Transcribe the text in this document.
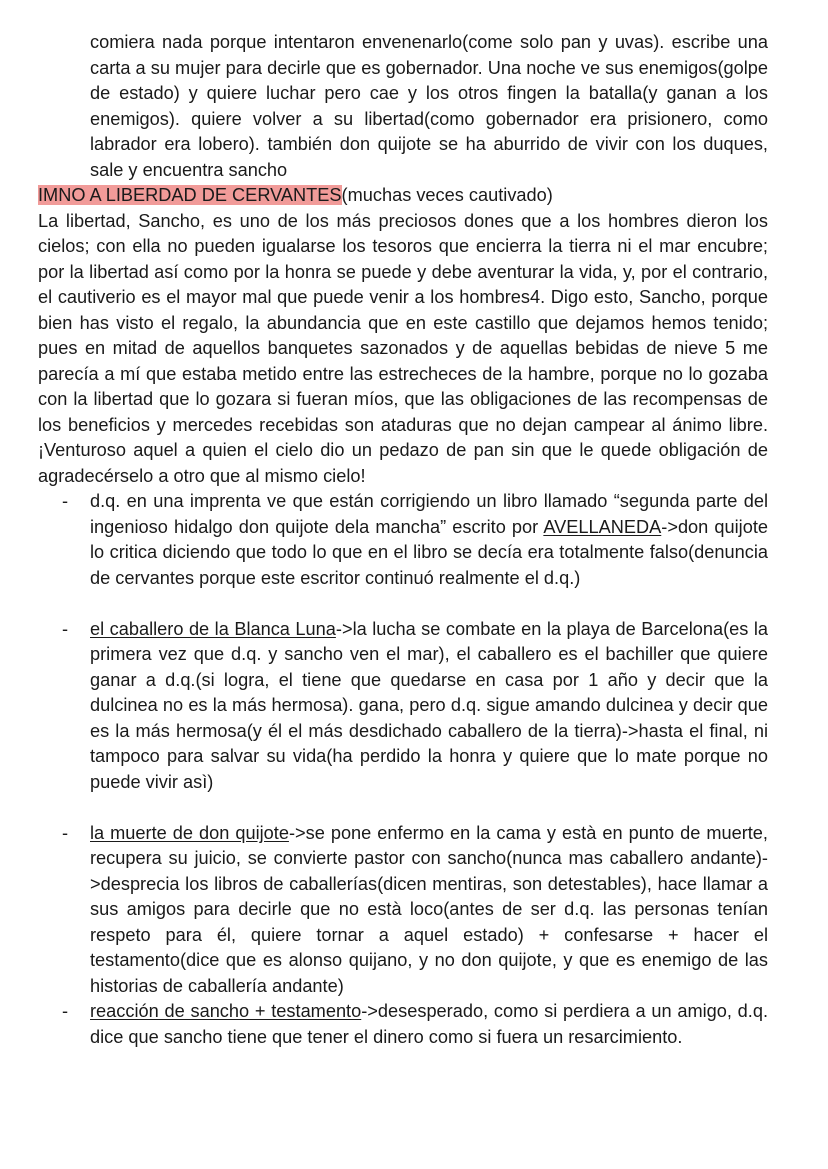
comiera nada porque intentaron envenenarlo(come solo pan y uvas). escribe una carta a su mujer para decirle que es gobernador. Una noche ve sus enemigos(golpe de estado) y quiere luchar pero cae y los otros fingen la batalla(y ganan a los enemigos). quiere volver a su libertad(como gobernador era prisionero, como labrador era lobero). también don quijote se ha aburrido de vivir con los duques, sale y encuentra sancho

IMNO A LIBERDAD DE CERVANTES(muchas veces cautivado)

La libertad, Sancho, es uno de los más preciosos dones que a los hombres dieron los cielos; con ella no pueden igualarse los tesoros que encierra la tierra ni el mar encubre; por la libertad así como por la honra se puede y debe aventurar la vida, y, por el contrario, el cautiverio es el mayor mal que puede venir a los hombres4. Digo esto, Sancho, porque bien has visto el regalo, la abundancia que en este castillo que dejamos hemos tenido; pues en mitad de aquellos banquetes sazonados y de aquellas bebidas de nieve 5 me parecía a mí que estaba metido entre las estrecheces de la hambre, porque no lo gozaba con la libertad que lo gozara si fueran míos, que las obligaciones de las recompensas de los beneficios y mercedes recebidas son ataduras que no dejan campear al ánimo libre. ¡Venturoso aquel a quien el cielo dio un pedazo de pan sin que le quede obligación de agradecérselo a otro que al mismo cielo!

- d.q. en una imprenta ve que están corrigiendo un libro llamado “segunda parte del ingenioso hidalgo don quijote dela mancha” escrito por AVELLANEDA->don quijote lo critica diciendo que todo lo que en el libro se decía era totalmente falso(denuncia de cervantes porque este escritor continuó realmente el d.q.)
- el caballero de la Blanca Luna->la lucha se combate en la playa de Barcelona(es la primera vez que d.q. y sancho ven el mar), el caballero es el bachiller que quiere ganar a d.q.(si logra, el tiene que quedarse en casa por 1 año y decir que la dulcinea no es la más hermosa). gana, pero d.q. sigue amando dulcinea y decir que es la más hermosa(y él el más desdichado caballero de la tierra)->hasta el final, ni tampoco para salvar su vida(ha perdido la honra y quiere que lo mate porque no puede vivir asì)
- la muerte de don quijote->se pone enfermo en la cama y està en punto de muerte, recupera su juicio, se convierte pastor con sancho(nunca mas caballero andante)->desprecia los libros de caballerías(dicen mentiras, son detestables), hace llamar a sus amigos para decirle que no està loco(antes de ser d.q. las personas tenían respeto para él, quiere tornar a aquel estado) + confesarse + hacer el testamento(dice que es alonso quijano, y no don quijote, y que es enemigo de las historias de caballería andante)
- reacción de sancho + testamento->desesperado, como si perdiera a un amigo, d.q. dice que sancho tiene que tener el dinero como si fuera un resarcimiento.
